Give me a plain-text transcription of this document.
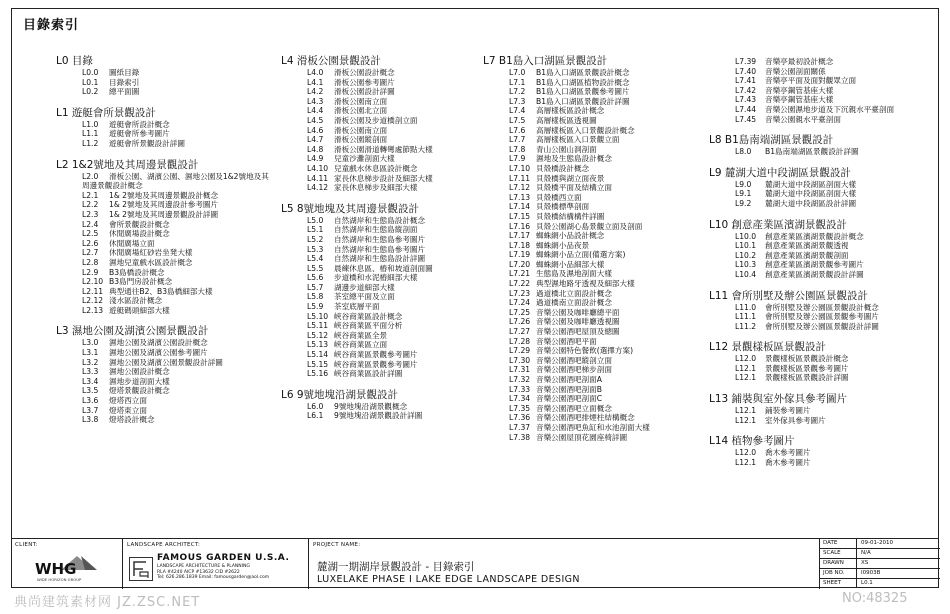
目錄索引
L0 目錄
L0.0 圖紙目錄
L0.1 目錄索引
L0.2 總平面圖
L1 遊艇會所景觀設計
L1.0 遊艇會所設計概念
L1.1 遊艇會所參考圖片
L1.2 遊艇會所景觀設計詳圖
L2 1&2號地及其周邊景觀設計
L2.0 滑板公園、湖濱公園、濕地公園及1&2號地及其周邊景觀設計概念
L2.1 1& 2號地及其周邊景觀設計概念
L2.2 1& 2號地及其周邊設計參考圖片
L2.3 1& 2號地及其周邊景觀設計詳圖
L2.4 會所景觀設計概念
L2.5 休閒廣場設計概念
L2.6 休閒廣場立面
L2.7 休閒廣場紅砂岩坐凳大樣
L2.8 濕地兒童戲水區設計概念
L2.9 B3島橋設計概念
L2.10 B3島門房設計概念
L2.11 典型通往B2、B3島橋細部大樣
L2.12 淺水區設計概念
L2.13 遊艇碼頭細部大樣
L3 濕地公園及湖濱公園景觀設計
L3.0 濕地公園及湖濱公園設計概念
L3.1 濕地公園及湖濱公園參考圖片
L3.2 濕地公園及湖濱公園景觀設計詳圖
L3.3 濕地公園設計概念
L3.4 濕地步道剖面大樣
L3.5 燈塔景觀設計概念
L3.6 燈塔西立面
L3.7 燈塔東立面
L3.8 燈塔設計概念
L4 滑板公園景觀設計
L4.0 滑板公園設計概念
L4.1 滑板公園參考圖片
L4.2 滑板公園設計詳圖
L4.3 滑板公園南立面
L4.4 滑板公園北立面
L4.5 滑板公園及步道橋剖立面
L4.6 滑板公園南立面
L4.7 滑板公園縱剖面
L4.8 滑板公園滑道轉彎處節點大樣
L4.9 兒童沙灘剖面大樣
L4.10 兒童戲水休息區設計概念
L4.11 家長休息梯步設計及細部大樣
L4.12 家長休息梯步及細部大樣
L5 8號地塊及其周邊景觀設計
L5.0 自然湖岸和生態島設計概念
L5.1 自然湖岸和生態島縱剖面
L5.2 自然湖岸和生態島參考圖片
L5.3 自然湖岸和生態島參考圖片
L5.4 自然湖岸和生態島設計詳圖
L5.5 晨練休息區、樁和坡道剖面圖
L5.6 步道橋和水泥樁細部大樣
L5.7 湖邊步道細部大樣
L5.8 茶室總平面及立面
L5.9 茶室底層平面
L5.10 峽谷商業區設計概念
L5.11 峽谷商業區平面分析
L5.12 峽谷商業區全景
L5.13 峽谷商業區立面
L5.14 峽谷商業區景觀參考圖片
L5.15 峽谷商業區景觀參考圖片
L5.16 峽谷商業區設計詳圖
L6 9號地塊沿湖景觀設計
L6.0 9號地塊沿湖景觀概念
L6.1 9號地塊沿湖景觀設計詳圖
L7 B1島入口湖區景觀設計
L7.0 B1島入口湖區景觀設計概念
L7.1 B1島入口湖區植物設計概念
L7.2 B1島入口湖區景觀參考圖片
L7.3 B1島入口湖區景觀設計詳圖
L7.4 高層樣板區設計概念
L7.5 高層樣板區透視圖
L7.6 高層樣板區入口景觀設計概念
L7.7 高層樣板區入口景觀立面
L7.8 青山公園山洞剖面
L7.9 濕地及生態島設計概念
L7.10 貝殼橋設計概念
L7.11 貝殼橋與湖立面夜景
L7.12 貝殼橋平面及結構立面
L7.13 貝殼橋西立面
L7.14 貝殼橋標準剖面
L7.15 貝殼橋結構構件詳圖
L7.16 貝殼公園湖心島景觀立面及剖面
L7.17 蜘蛛網小品設計概念
L7.18 蜘蛛網小品夜景
L7.19 蜘蛛網小品立面(備選方案)
L7.20 蜘蛛網小品細部大樣
L7.21 生態島及濕地剖面大樣
L7.22 典型濕地路牙透視及細部大樣
L7.23 過道橋北立面設計概念
L7.24 過道橋南立面設計概念
L7.25 音樂公園及咖啡廳總平面
L7.26 音樂公園及咖啡廳透視圖
L7.27 音樂公園酒吧屋頂及總圖
L7.28 音樂公園酒吧平面
L7.29 音樂公園特色餐飲(選擇方案)
L7.30 音樂公園酒吧縱剖立面
L7.31 音樂公園酒吧梯步剖面
L7.32 音樂公園酒吧剖面A
L7.33 音樂公園酒吧剖面B
L7.34 音樂公園酒吧剖面C
L7.35 音樂公園酒吧立面概念
L7.36 音樂公園酒吧排煙柱結構概念
L7.37 音樂公園酒吧魚缸和水池剖面大樣
L7.38 音樂公園屋頂花園座椅詳圖
L7.39 音樂亭最初設計概念
L7.40 音樂公園剖面關係
L7.41 音樂亭平面及面對觀眾立面
L7.42 音樂亭鋼管基座大樣
L7.43 音樂亭鋼管基座大樣
L7.44 音樂公園濕地步道及下沉親水平臺剖面
L7.45 音樂公園親水平臺剖面
L8 B1島南端湖區景觀設計
L8.0 B1島南端湖區景觀設計詳圖
L9 麓湖大道中段湖區景觀設計
L9.0 麓湖大道中段湖區剖面大樣
L9.1 麓湖大道中段湖區剖面大樣
L9.2 麓湖大道中段湖區設計詳圖
L10 創意產業區濱湖景觀設計
L10.0 創意產業區濱湖景觀設計概念
L10.1 創意產業區濱湖景觀透視
L10.2 創意產業區濱湖景觀剖面
L10.3 創意產業區濱湖景觀參考圖片
L10.4 創意產業區濱湖景觀設計詳圖
L11 會所別墅及辦公園區景觀設計
L11.0 會所別墅及辦公園區景觀設計概念
L11.1 會所別墅及辦公園區景觀參考圖片
L11.2 會所別墅及辦公園區景觀設計詳圖
L12 景觀樣板區景觀設計
L12.0 景觀樣板區景觀設計概念
L12.1 景觀樣板區景觀參考圖片
L12.1 景觀樣板區景觀設計詳圖
L13 鋪裝與室外傢具參考圖片
L12.1 鋪裝參考圖片
L12.1 室外傢具參考圖片
L14 植物參考圖片
L12.0 喬木參考圖片
L12.1 喬木參考圖片
CLIENT:
WHG
WIDE HORIZON GROUP
LANDSCAPE ARCHITECT:
FAMOUS GARDEN U.S.A.
LANDSCAPE ARCHITECTURE & PLANNING
RLA #4240 AICP #13632 CID #2622
Tel: 626.286.1839 Email: famousgarden@aol.com
PROJECT NAME:
麓湖一期湖岸景觀設計 - 目錄索引
LUXELAKE PHASE I LAKE EDGE LANDSCAPE DESIGN
DATE	09-01-2010
SCALE	N/A
DRAWN	XS
JOB NO.	I0903B
SHEET	L0.1
典尚建筑素材网 JZ.ZSC.NET	NO:48325
